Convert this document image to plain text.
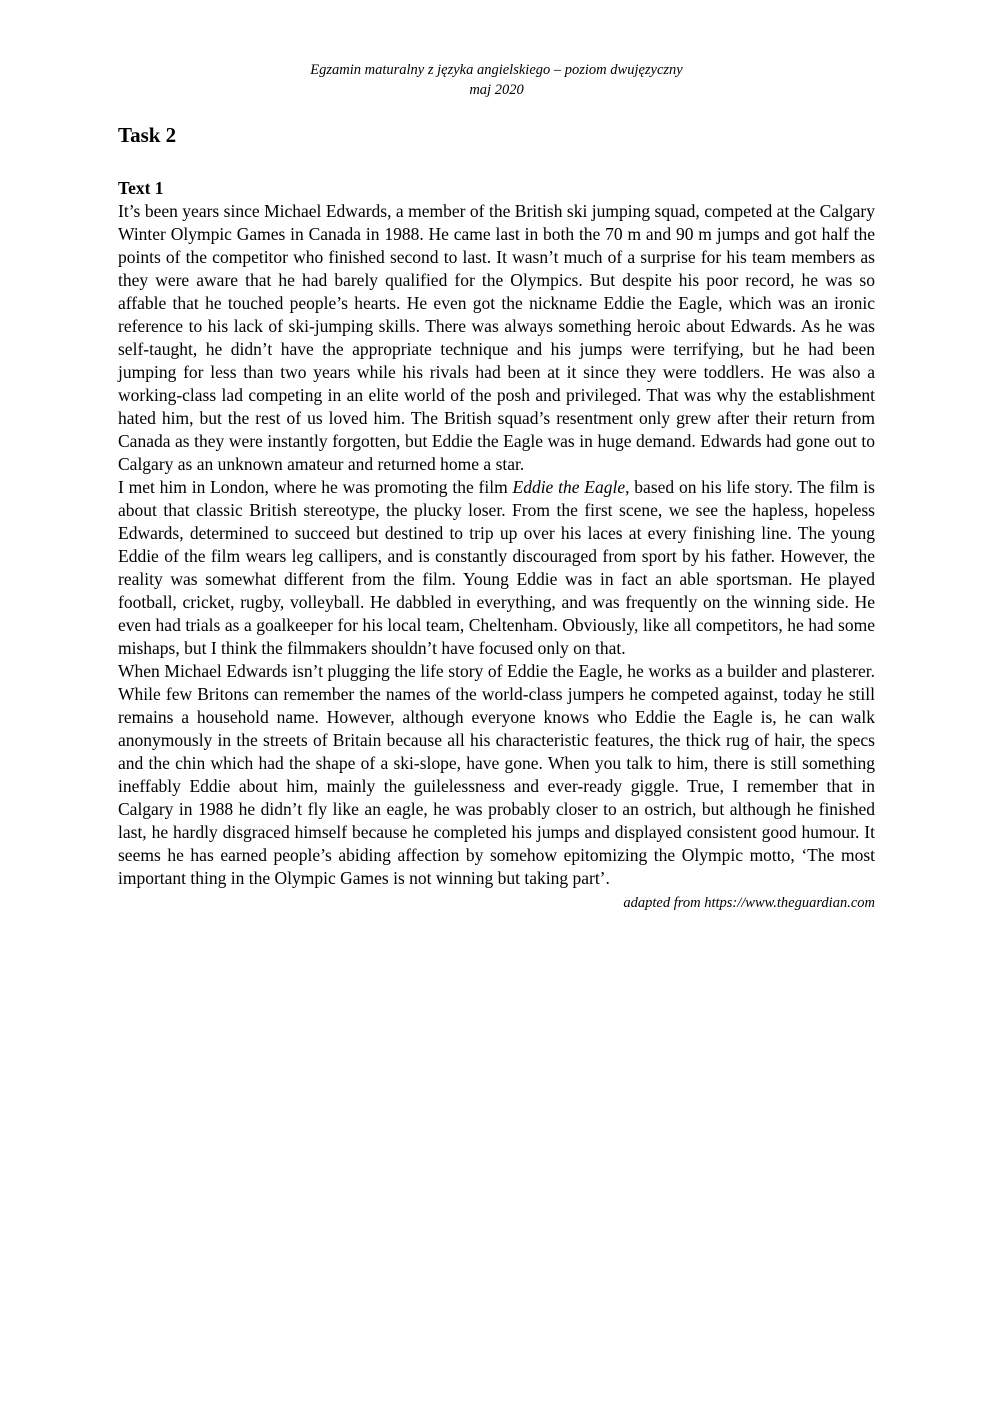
Egzamin maturalny z języka angielskiego – poziom dwujęzyczny
maj 2020
Task 2
Text 1

It’s been years since Michael Edwards, a member of the British ski jumping squad, competed at the Calgary Winter Olympic Games in Canada in 1988. He came last in both the 70 m and 90 m jumps and got half the points of the competitor who finished second to last. It wasn’t much of a surprise for his team members as they were aware that he had barely qualified for the Olympics. But despite his poor record, he was so affable that he touched people’s hearts. He even got the nickname Eddie the Eagle, which was an ironic reference to his lack of ski-jumping skills. There was always something heroic about Edwards. As he was self-taught, he didn’t have the appropriate technique and his jumps were terrifying, but he had been jumping for less than two years while his rivals had been at it since they were toddlers. He was also a working-class lad competing in an elite world of the posh and privileged. That was why the establishment hated him, but the rest of us loved him. The British squad’s resentment only grew after their return from Canada as they were instantly forgotten, but Eddie the Eagle was in huge demand. Edwards had gone out to Calgary as an unknown amateur and returned home a star.

I met him in London, where he was promoting the film Eddie the Eagle, based on his life story. The film is about that classic British stereotype, the plucky loser. From the first scene, we see the hapless, hopeless Edwards, determined to succeed but destined to trip up over his laces at every finishing line. The young Eddie of the film wears leg callipers, and is constantly discouraged from sport by his father. However, the reality was somewhat different from the film. Young Eddie was in fact an able sportsman. He played football, cricket, rugby, volleyball. He dabbled in everything, and was frequently on the winning side. He even had trials as a goalkeeper for his local team, Cheltenham. Obviously, like all competitors, he had some mishaps, but I think the filmmakers shouldn’t have focused only on that.

When Michael Edwards isn’t plugging the life story of Eddie the Eagle, he works as a builder and plasterer. While few Britons can remember the names of the world-class jumpers he competed against, today he still remains a household name. However, although everyone knows who Eddie the Eagle is, he can walk anonymously in the streets of Britain because all his characteristic features, the thick rug of hair, the specs and the chin which had the shape of a ski-slope, have gone. When you talk to him, there is still something ineffably Eddie about him, mainly the guilelessness and ever-ready giggle. True, I remember that in Calgary in 1988 he didn’t fly like an eagle, he was probably closer to an ostrich, but although he finished last, he hardly disgraced himself because he completed his jumps and displayed consistent good humour. It seems he has earned people’s abiding affection by somehow epitomizing the Olympic motto, ‘The most important thing in the Olympic Games is not winning but taking part’.

adapted from https://www.theguardian.com
